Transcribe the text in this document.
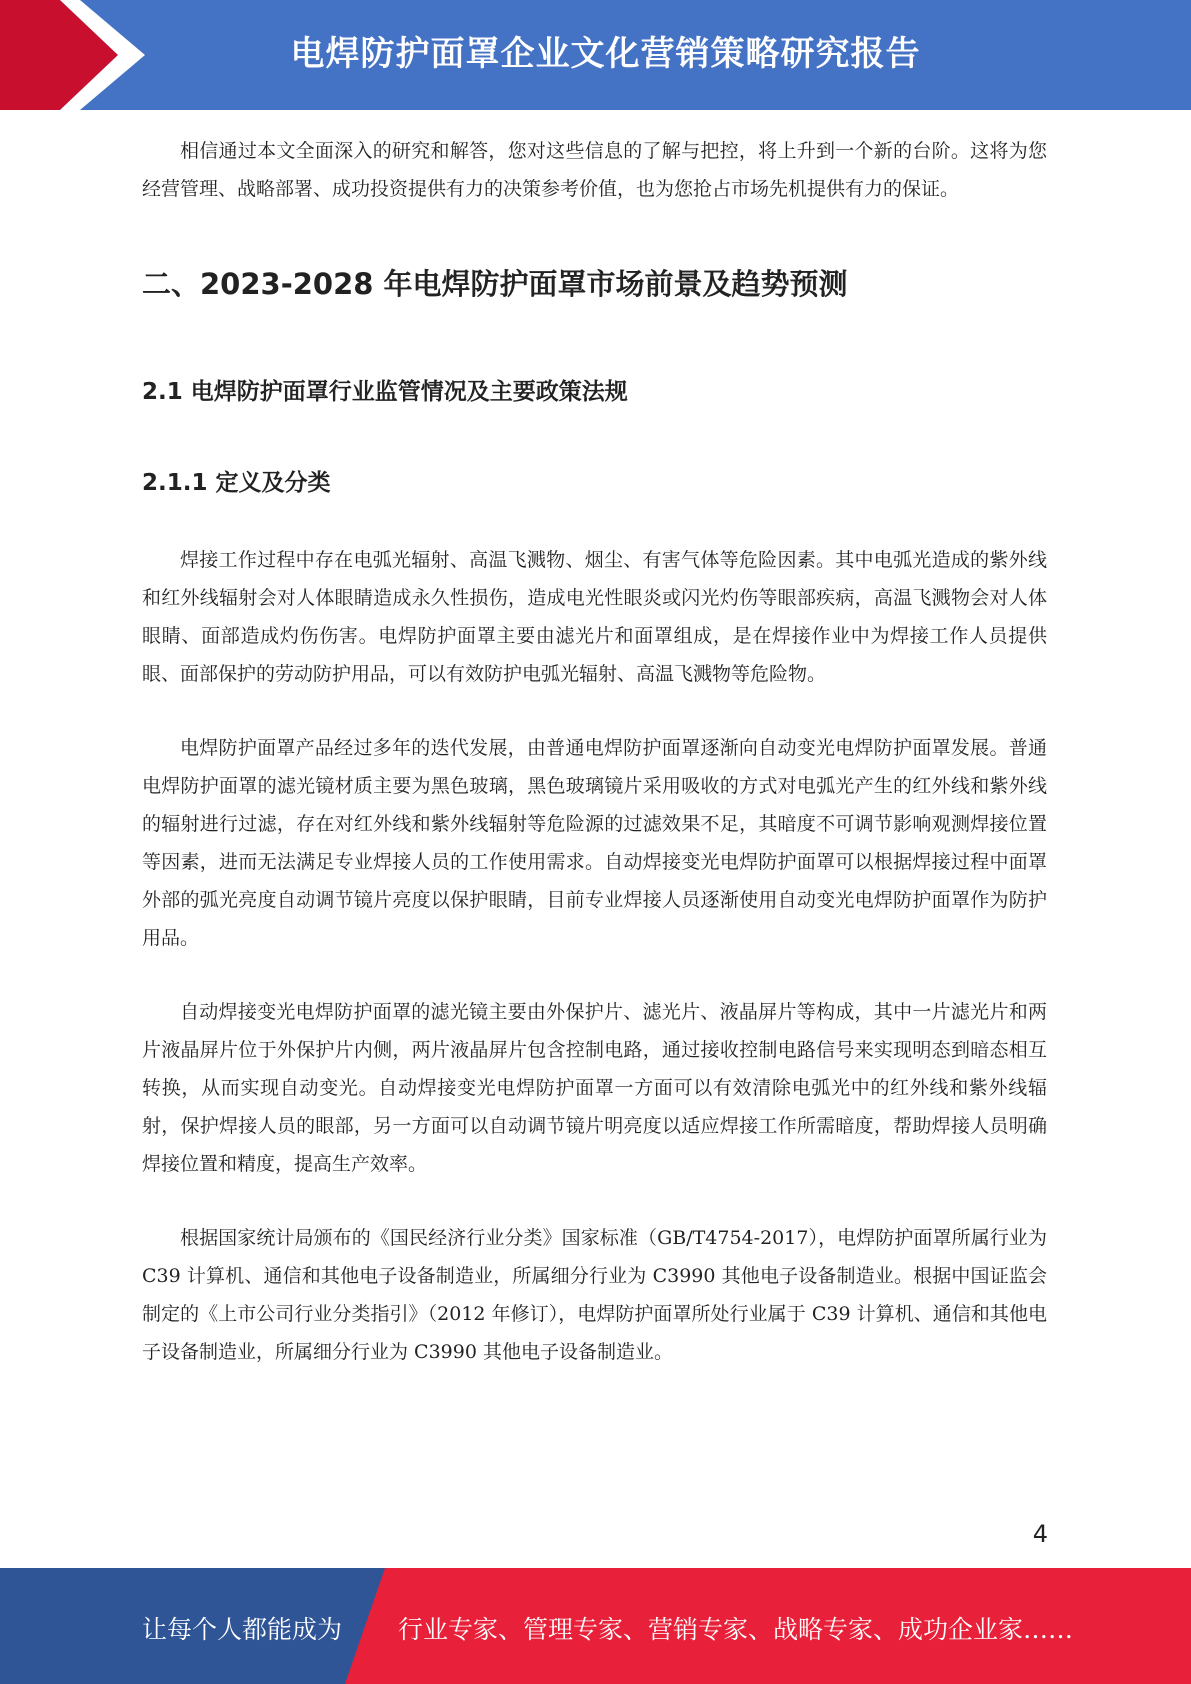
电焊防护面罩企业文化营销策略研究报告

相信通过本文全面深入的研究和解答，您对这些信息的了解与把控，将上升到一个新的台阶。这将为您经营管理、战略部署、成功投资提供有力的决策参考价值，也为您抢占市场先机提供有力的保证。

二、2023-2028 年电焊防护面罩市场前景及趋势预测
2.1 电焊防护面罩行业监管情况及主要政策法规
2.1.1 定义及分类

焊接工作过程中存在电弧光辐射、高温飞溅物、烟尘、有害气体等危险因素。其中电弧光造成的紫外线和红外线辐射会对人体眼睛造成永久性损伤，造成电光性眼炎或闪光灼伤等眼部疾病，高温飞溅物会对人体眼睛、面部造成灼伤伤害。电焊防护面罩主要由滤光片和面罩组成，是在焊接作业中为焊接工作人员提供眼、面部保护的劳动防护用品，可以有效防护电弧光辐射、高温飞溅物等危险物。

电焊防护面罩产品经过多年的迭代发展，由普通电焊防护面罩逐渐向自动变光电焊防护面罩发展。普通电焊防护面罩的滤光镜材质主要为黑色玻璃，黑色玻璃镜片采用吸收的方式对电弧光产生的红外线和紫外线的辐射进行过滤，存在对红外线和紫外线辐射等危险源的过滤效果不足，其暗度不可调节影响观测焊接位置等因素，进而无法满足专业焊接人员的工作使用需求。自动焊接变光电焊防护面罩可以根据焊接过程中面罩外部的弧光亮度自动调节镜片亮度以保护眼睛，目前专业焊接人员逐渐使用自动变光电焊防护面罩作为防护用品。

自动焊接变光电焊防护面罩的滤光镜主要由外保护片、滤光片、液晶屏片等构成，其中一片滤光片和两片液晶屏片位于外保护片内侧，两片液晶屏片包含控制电路，通过接收控制电路信号来实现明态到暗态相互转换，从而实现自动变光。自动焊接变光电焊防护面罩一方面可以有效清除电弧光中的红外线和紫外线辐射，保护焊接人员的眼部，另一方面可以自动调节镜片明亮度以适应焊接工作所需暗度，帮助焊接人员明确焊接位置和精度，提高生产效率。

根据国家统计局颁布的《国民经济行业分类》国家标准（GB/T4754-2017），电焊防护面罩所属行业为 C39 计算机、通信和其他电子设备制造业，所属细分行业为 C3990 其他电子设备制造业。根据中国证监会制定的《上市公司行业分类指引》（2012 年修订），电焊防护面罩所处行业属于 C39 计算机、通信和其他电子设备制造业，所属细分行业为 C3990 其他电子设备制造业。

4
让每个人都能成为 行业专家、管理专家、营销专家、战略专家、成功企业家……
